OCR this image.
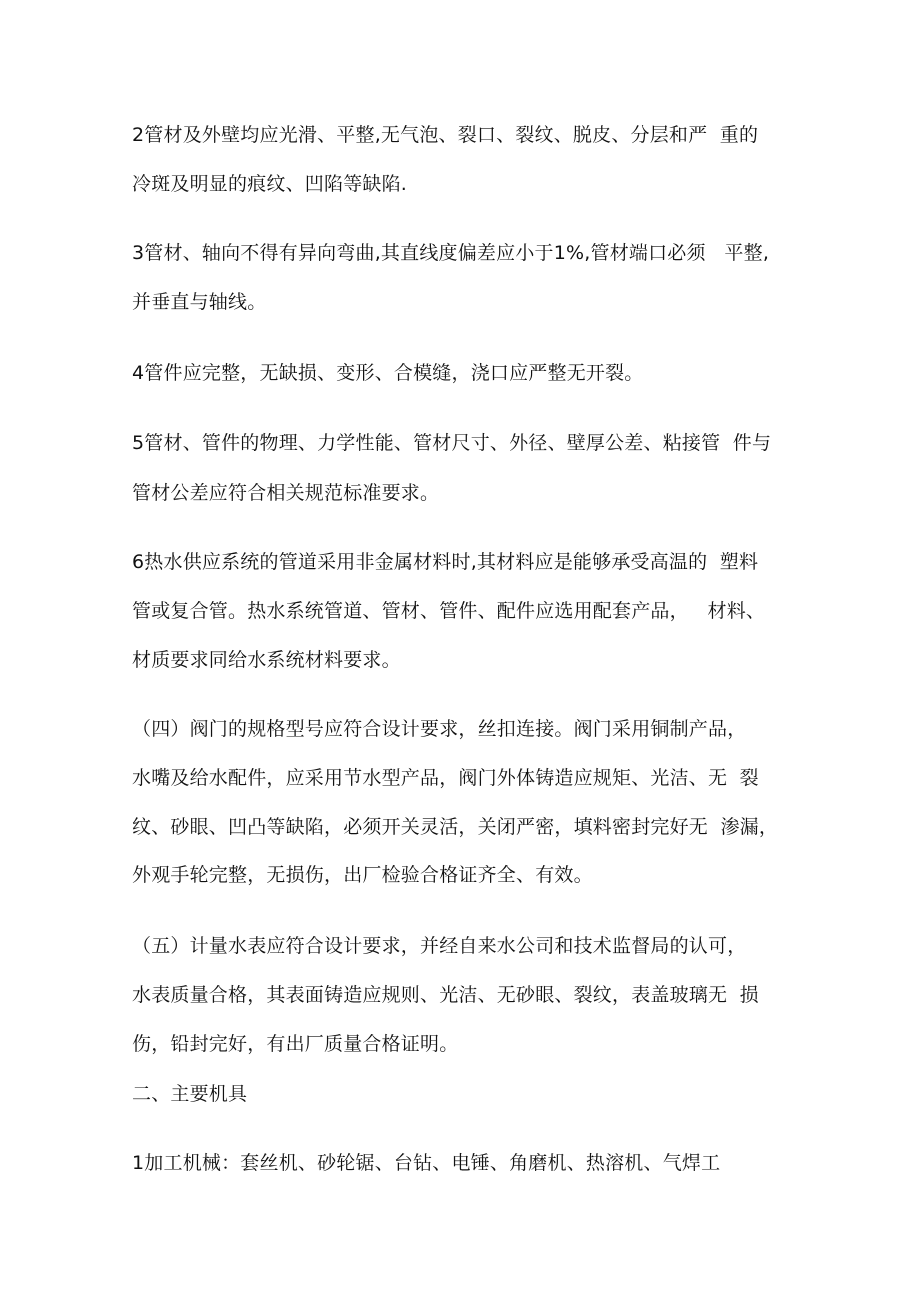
2管材及外壁均应光滑、平整,无气泡、裂口、裂纹、脱皮、分层和严  重的
冷斑及明显的痕纹、凹陷等缺陷.
3管材、轴向不得有异向弯曲,其直线度偏差应小于1%,管材端口必须   平整,
并垂直与轴线。
4管件应完整，无缺损、变形、合模缝，浇口应严整无开裂。
5管材、管件的物理、力学性能、管材尺寸、外径、壁厚公差、粘接管  件与
管材公差应符合相关规范标准要求。
6热水供应系统的管道采用非金属材料时,其材料应是能够承受高温的  塑料
管或复合管。热水系统管道、管材、管件、配件应选用配套产品，   材料、
材质要求同给水系统材料要求。
（四）阀门的规格型号应符合设计要求，丝扣连接。阀门采用铜制产品，
水嘴及给水配件，应采用节水型产品，阀门外体铸造应规矩、光洁、无  裂
纹、砂眼、凹凸等缺陷，必须开关灵活，关闭严密，填料密封完好无  渗漏，
外观手轮完整，无损伤，出厂检验合格证齐全、有效。
（五）计量水表应符合设计要求，并经自来水公司和技术监督局的认可，
水表质量合格，其表面铸造应规则、光洁、无砂眼、裂纹，表盖玻璃无  损
伤，铅封完好，有出厂质量合格证明。
二、主要机具
1加工机械：套丝机、砂轮锯、台钻、电锤、角磨机、热溶机、气焊工
